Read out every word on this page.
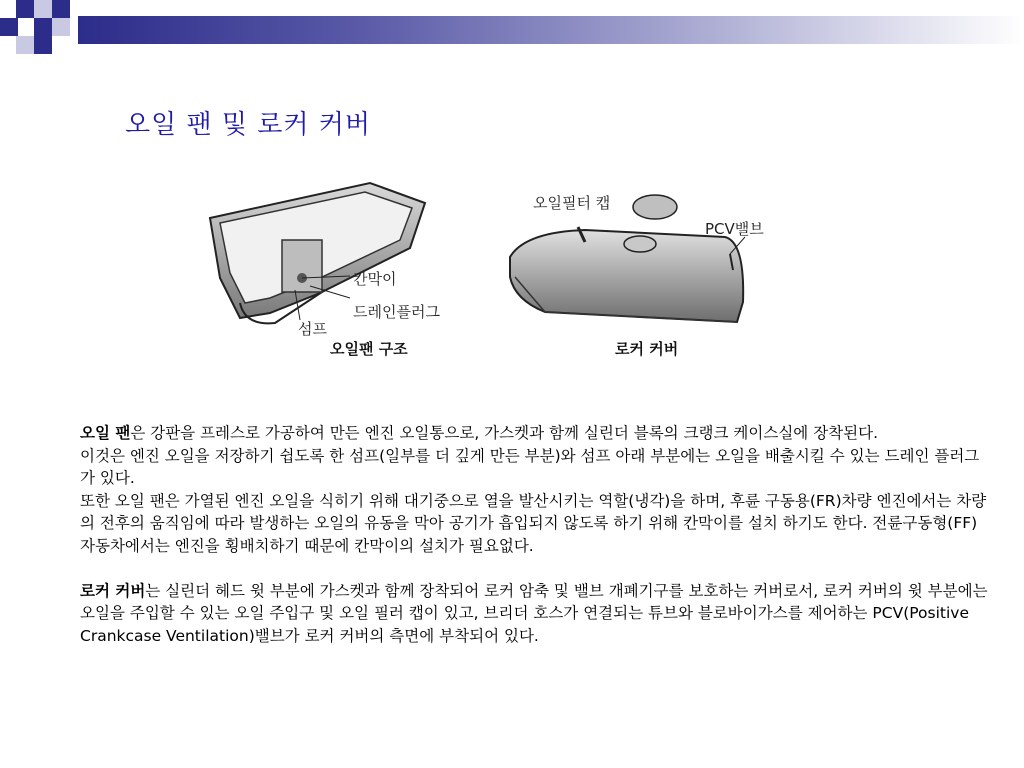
오일 팬 및 로커 커버
칸막이
드레인플러그
섬프
오일팬 구조
오일필터 캡
PCV밸브
로커 커버

오일 팬은 강판을 프레스로 가공하여 만든 엔진 오일통으로, 가스켓과 함께 실린더 블록의 크랭크 케이스실에 장착된다.

이것은 엔진 오일을 저장하기 쉽도록 한 섬프(일부를 더 깊게 만든 부분)와 섬프 아래 부분에는 오일을 배출시킬 수 있는 드레인 플러그가 있다.

또한 오일 팬은 가열된 엔진 오일을 식히기 위해 대기중으로 열을 발산시키는 역할(냉각)을 하며, 후륜 구동용(FR)차량 엔진에서는 차량의 전후의 움직임에 따라 발생하는 오일의 유동을 막아 공기가 흡입되지 않도록 하기 위해 칸막이를 설치 하기도 한다. 전륜구동형(FF) 자동차에서는 엔진을 횡배치하기 때문에 칸막이의 설치가 필요없다.

로커 커버는 실린더 헤드 윗 부분에 가스켓과 함께 장착되어 로커 암축 및 밸브 개폐기구를 보호하는 커버로서, 로커 커버의 윗 부분에는 오일을 주입할 수 있는 오일 주입구 및 오일 필러 캡이 있고, 브리더 호스가 연결되는 튜브와 블로바이가스를 제어하는 PCV(Positive Crankcase Ventilation)밸브가 로커 커버의 측면에 부착되어 있다.
